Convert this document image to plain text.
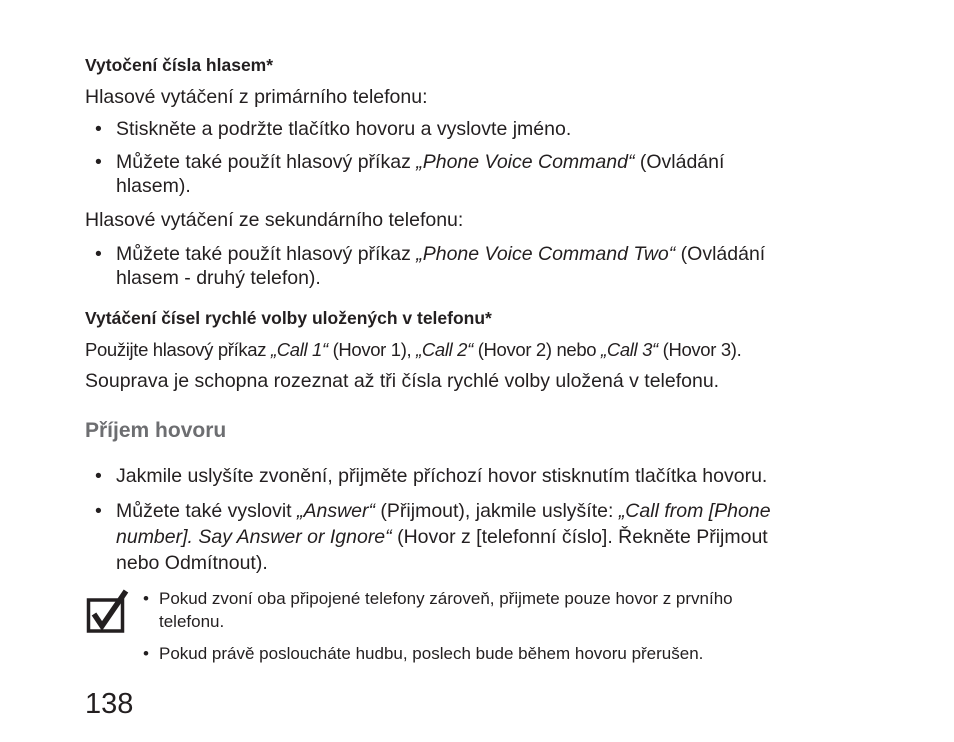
Vytočení čísla hlasem*
Hlasové vytáčení z primárního telefonu:
• Stiskněte a podržte tlačítko hovoru a vyslovte jméno.
• Můžete také použít hlasový příkaz „Phone Voice Command“ (Ovládání
hlasem).
Hlasové vytáčení ze sekundárního telefonu:
• Můžete také použít hlasový příkaz „Phone Voice Command Two“ (Ovládání
hlasem - druhý telefon).
Vytáčení čísel rychlé volby uložených v telefonu*
Použijte hlasový příkaz „Call 1“ (Hovor 1), „Call 2“ (Hovor 2) nebo „Call 3“ (Hovor 3).
Souprava je schopna rozeznat až tři čísla rychlé volby uložená v telefonu.
Příjem hovoru
• Jakmile uslyšíte zvonění, přijměte příchozí hovor stisknutím tlačítka hovoru.
• Můžete také vyslovit „Answer“ (Přijmout), jakmile uslyšíte: „Call from [Phone
number]. Say Answer or Ignore“ (Hovor z [telefonní číslo]. Řekněte Přijmout
nebo Odmítnout).
• Pokud zvoní oba připojené telefony zároveň, přijmete pouze hovor z prvního
telefonu.
• Pokud právě posloucháte hudbu, poslech bude během hovoru přerušen.
138
